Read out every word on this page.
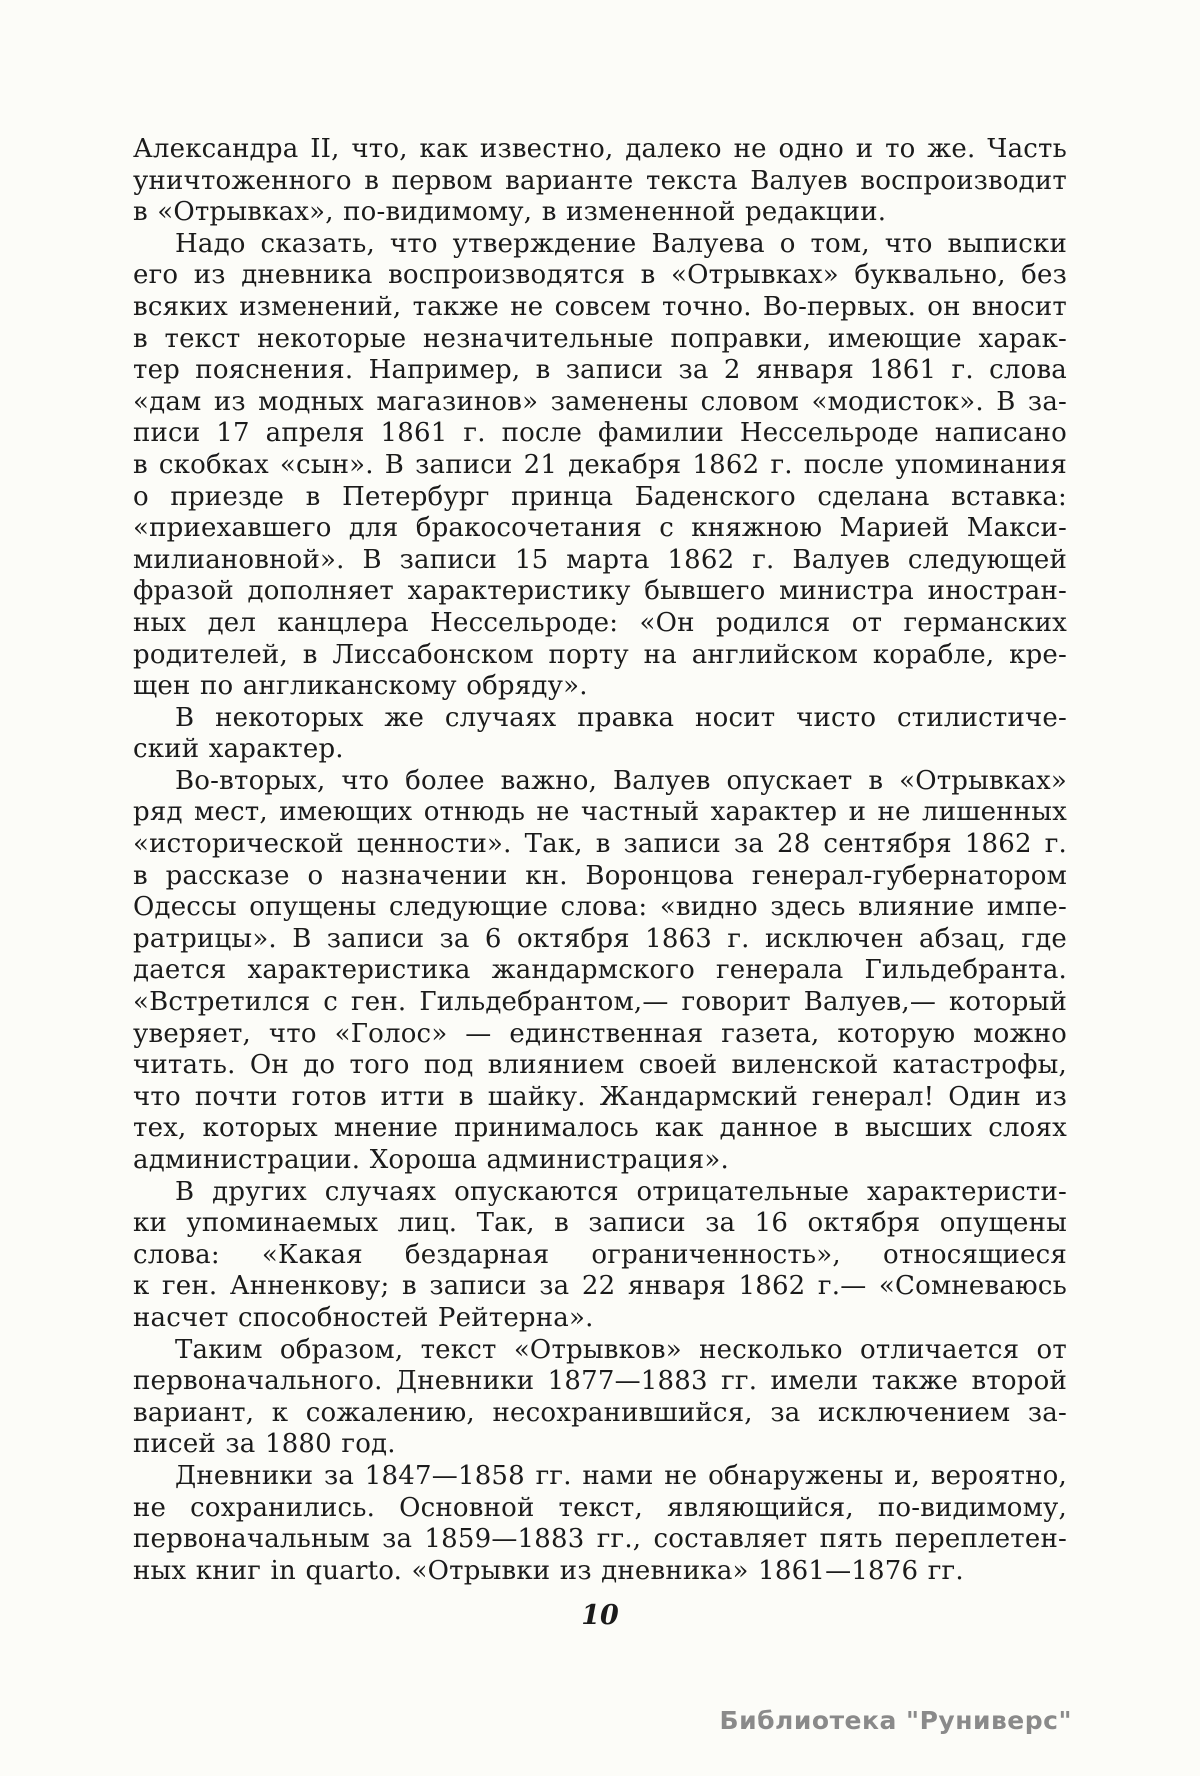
Александра II, что, как известно, далеко не одно и то же. Часть
уничтоженного в первом варианте текста Валуев воспроизводит
в «Отрывках», по-видимому, в измененной редакции.
Надо сказать, что утверждение Валуева о том, что выписки
его из дневника воспроизводятся в «Отрывках» буквально, без
всяких изменений, также не совсем точно. Во-первых. он вносит
в текст некоторые незначительные поправки, имеющие харак-
тер пояснения. Например, в записи за 2 января 1861 г. слова
«дам из модных магазинов» заменены словом «модисток». В за-
писи 17 апреля 1861 г. после фамилии Нессельроде написано
в скобках «сын». В записи 21 декабря 1862 г. после упоминания
о приезде в Петербург принца Баденского сделана вставка:
«приехавшего для бракосочетания с княжною Марией Макси-
милиановной». В записи 15 марта 1862 г. Валуев следующей
фразой дополняет характеристику бывшего министра иностран-
ных дел канцлера Нессельроде: «Он родился от германских
родителей, в Лиссабонском порту на английском корабле, кре-
щен по англиканскому обряду».
В некоторых же случаях правка носит чисто стилистиче-
ский характер.
Во-вторых, что более важно, Валуев опускает в «Отрывках»
ряд мест, имеющих отнюдь не частный характер и не лишенных
«исторической ценности». Так, в записи за 28 сентября 1862 г.
в рассказе о назначении кн. Воронцова генерал-губернатором
Одессы опущены следующие слова: «видно здесь влияние импе-
ратрицы». В записи за 6 октября 1863 г. исключен абзац, где
дается характеристика жандармского генерала Гильдебранта.
«Встретился с ген. Гильдебрантом,— говорит Валуев,— который
уверяет, что «Голос» — единственная газета, которую можно
читать. Он до того под влиянием своей виленской катастрофы,
что почти готов итти в шайку. Жандармский генерал! Один из
тех, которых мнение принималось как данное в высших слоях
администрации. Хороша администрация».
В других случаях опускаются отрицательные характеристи-
ки упоминаемых лиц. Так, в записи за 16 октября опущены
слова: «Какая бездарная ограниченность», относящиеся
к ген. Анненкову; в записи за 22 января 1862 г.— «Сомневаюсь
насчет способностей Рейтерна».
Таким образом, текст «Отрывков» несколько отличается от
первоначального. Дневники 1877—1883 гг. имели также второй
вариант, к сожалению, несохранившийся, за исключением за-
писей за 1880 год.
Дневники за 1847—1858 гг. нами не обнаружены и, вероятно,
не сохранились. Основной текст, являющийся, по-видимому,
первоначальным за 1859—1883 гг., составляет пять переплетен-
ных книг in quarto. «Отрывки из дневника» 1861—1876 гг.
10
Библиотека "Руниверс"
